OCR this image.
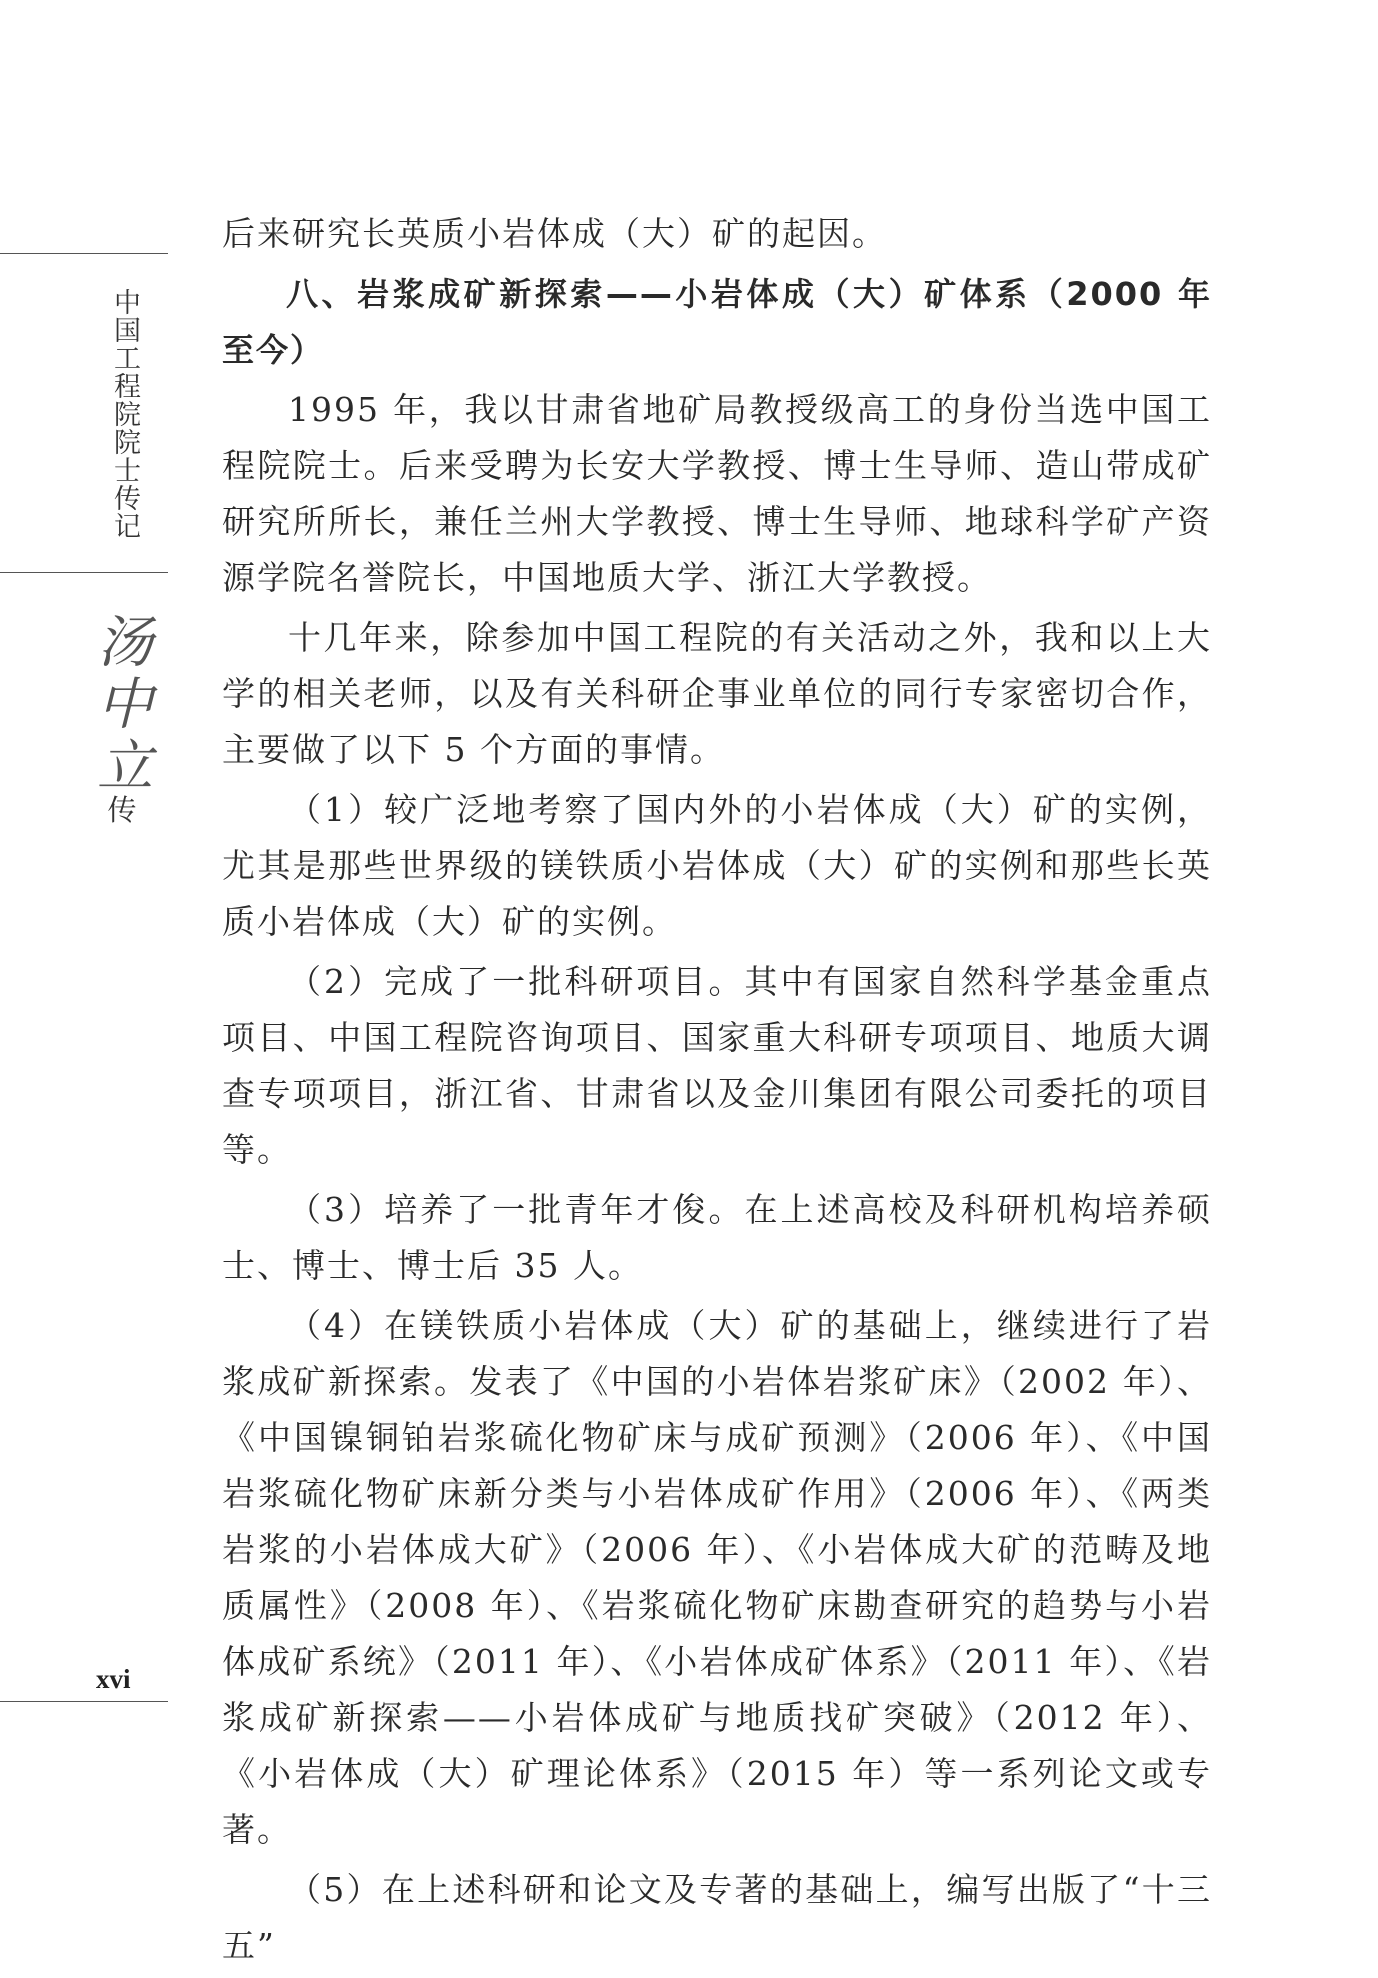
中国工程院院士传记
汤中立
传
xvi

后来研究长英质小岩体成（大）矿的起因。

八、岩浆成矿新探索——小岩体成（大）矿体系（2000 年至今）

1995 年，我以甘肃省地矿局教授级高工的身份当选中国工程院院士。后来受聘为长安大学教授、博士生导师、造山带成矿研究所所长，兼任兰州大学教授、博士生导师、地球科学矿产资源学院名誉院长，中国地质大学、浙江大学教授。

十几年来，除参加中国工程院的有关活动之外，我和以上大学的相关老师，以及有关科研企事业单位的同行专家密切合作，主要做了以下 5 个方面的事情。

（1）较广泛地考察了国内外的小岩体成（大）矿的实例，尤其是那些世界级的镁铁质小岩体成（大）矿的实例和那些长英质小岩体成（大）矿的实例。

（2）完成了一批科研项目。其中有国家自然科学基金重点项目、中国工程院咨询项目、国家重大科研专项项目、地质大调查专项项目，浙江省、甘肃省以及金川集团有限公司委托的项目等。

（3）培养了一批青年才俊。在上述高校及科研机构培养硕士、博士、博士后 35 人。

（4）在镁铁质小岩体成（大）矿的基础上，继续进行了岩浆成矿新探索。发表了《中国的小岩体岩浆矿床》（2002 年）、《中国镍铜铂岩浆硫化物矿床与成矿预测》（2006 年）、《中国岩浆硫化物矿床新分类与小岩体成矿作用》（2006 年）、《两类岩浆的小岩体成大矿》（2006 年）、《小岩体成大矿的范畴及地质属性》（2008 年）、《岩浆硫化物矿床勘查研究的趋势与小岩体成矿系统》（2011 年）、《小岩体成矿体系》（2011 年）、《岩浆成矿新探索——小岩体成矿与地质找矿突破》（2012 年）、《小岩体成（大）矿理论体系》（2015 年）等一系列论文或专著。

（5）在上述科研和论文及专著的基础上，编写出版了“十三五”
